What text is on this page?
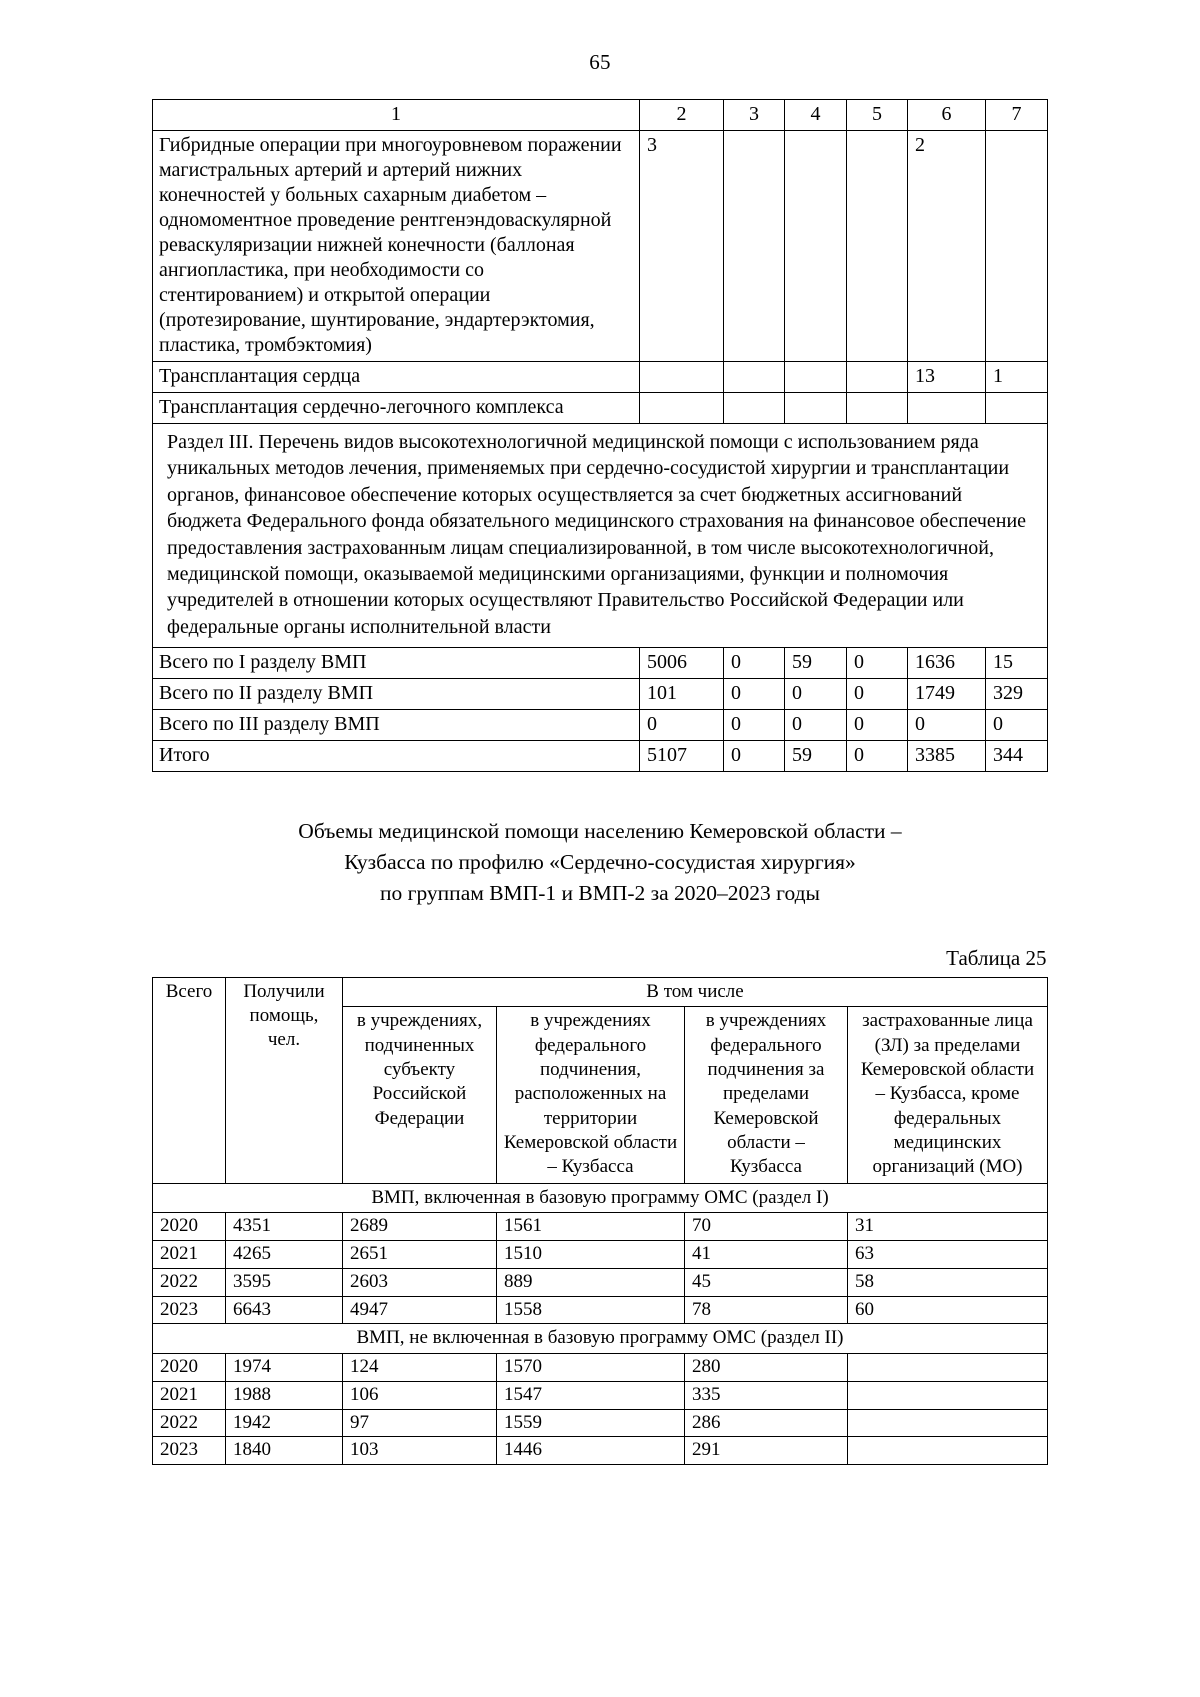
65
1	2	3	4	5	6	7
Гибридные операции при многоуровневом поражении магистральных артерий и артерий нижних конечностей у больных сахарным диабетом – одномоментное проведение рентгенэндоваскулярной реваскуляризации нижней конечности (баллоная ангиопластика, при необходимости со стентированием) и открытой операции (протезирование, шунтирование, эндартерэктомия, пластика, тромбэктомия)	3				2	
Трансплантация сердца					13	1
Трансплантация сердечно-легочного комплекса						
Раздел III. Перечень видов высокотехнологичной медицинской помощи с использованием ряда уникальных методов лечения, применяемых при сердечно-сосудистой хирургии и трансплантации органов, финансовое обеспечение которых осуществляется за счет бюджетных ассигнований бюджета Федерального фонда обязательного медицинского страхования на финансовое обеспечение предоставления застрахованным лицам специализированной, в том числе высокотехнологичной, медицинской помощи, оказываемой медицинскими организациями, функции и полномочия учредителей в отношении которых осуществляют Правительство Российской Федерации или федеральные органы исполнительной власти						
Всего по I разделу ВМП	5006	0	59	0	1636	15
Всего по II разделу ВМП	101	0	0	0	1749	329
Всего по III разделу ВМП	0	0	0	0	0	0
Итого	5107	0	59	0	3385	344
Объемы медицинской помощи населению Кемеровской области –
Кузбасса по профилю «Сердечно-сосудистая хирургия»
по группам ВМП-1 и ВМП-2 за 2020–2023 годы
Таблица 25
Всего	Получили помощь, чел.	В том числе			
		в учреждениях, подчиненных субъекту Российской Федерации	в учреждениях федерального подчинения, расположенных на территории Кемеровской области – Кузбасса	в учреждениях федерального подчинения за пределами Кемеровской области – Кузбасса	застрахованные лица (ЗЛ) за пределами Кемеровской области – Кузбасса, кроме федеральных медицинских организаций (МО)
ВМП, включенная в базовую программу ОМС (раздел I)					
2020	4351	2689	1561	70	31
2021	4265	2651	1510	41	63
2022	3595	2603	889	45	58
2023	6643	4947	1558	78	60
ВМП, не включенная в базовую программу ОМС (раздел II)					
2020	1974	124	1570	280	
2021	1988	106	1547	335	
2022	1942	97	1559	286	
2023	1840	103	1446	291	
